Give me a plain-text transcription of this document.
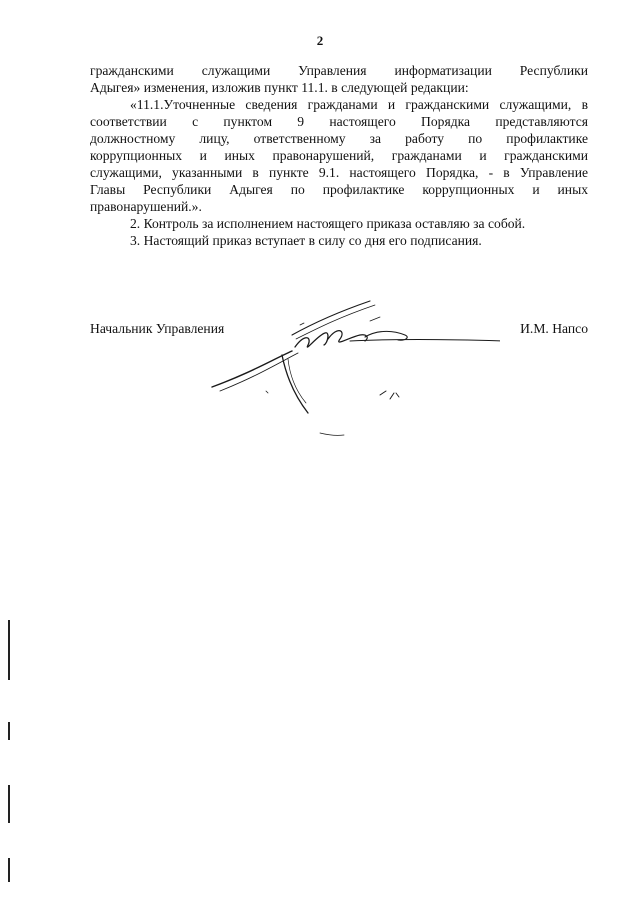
2
гражданскими служащими Управления информатизации Республики
Адыгея» изменения, изложив пункт 11.1. в следующей редакции:
«11.1.Уточненные сведения гражданами и гражданскими служащими, в
соответствии с пунктом 9 настоящего Порядка представляются
должностному лицу, ответственному за работу по профилактике
коррупционных и иных правонарушений, гражданами и гражданскими
служащими, указанными в пункте 9.1. настоящего Порядка, - в Управление
Главы Республики Адыгея по профилактике коррупционных и иных
правонарушений.».
2. Контроль за исполнением настоящего приказа оставляю за собой.
3. Настоящий приказ вступает в силу со дня его подписания.
Начальник Управления	И.М. Напсо
